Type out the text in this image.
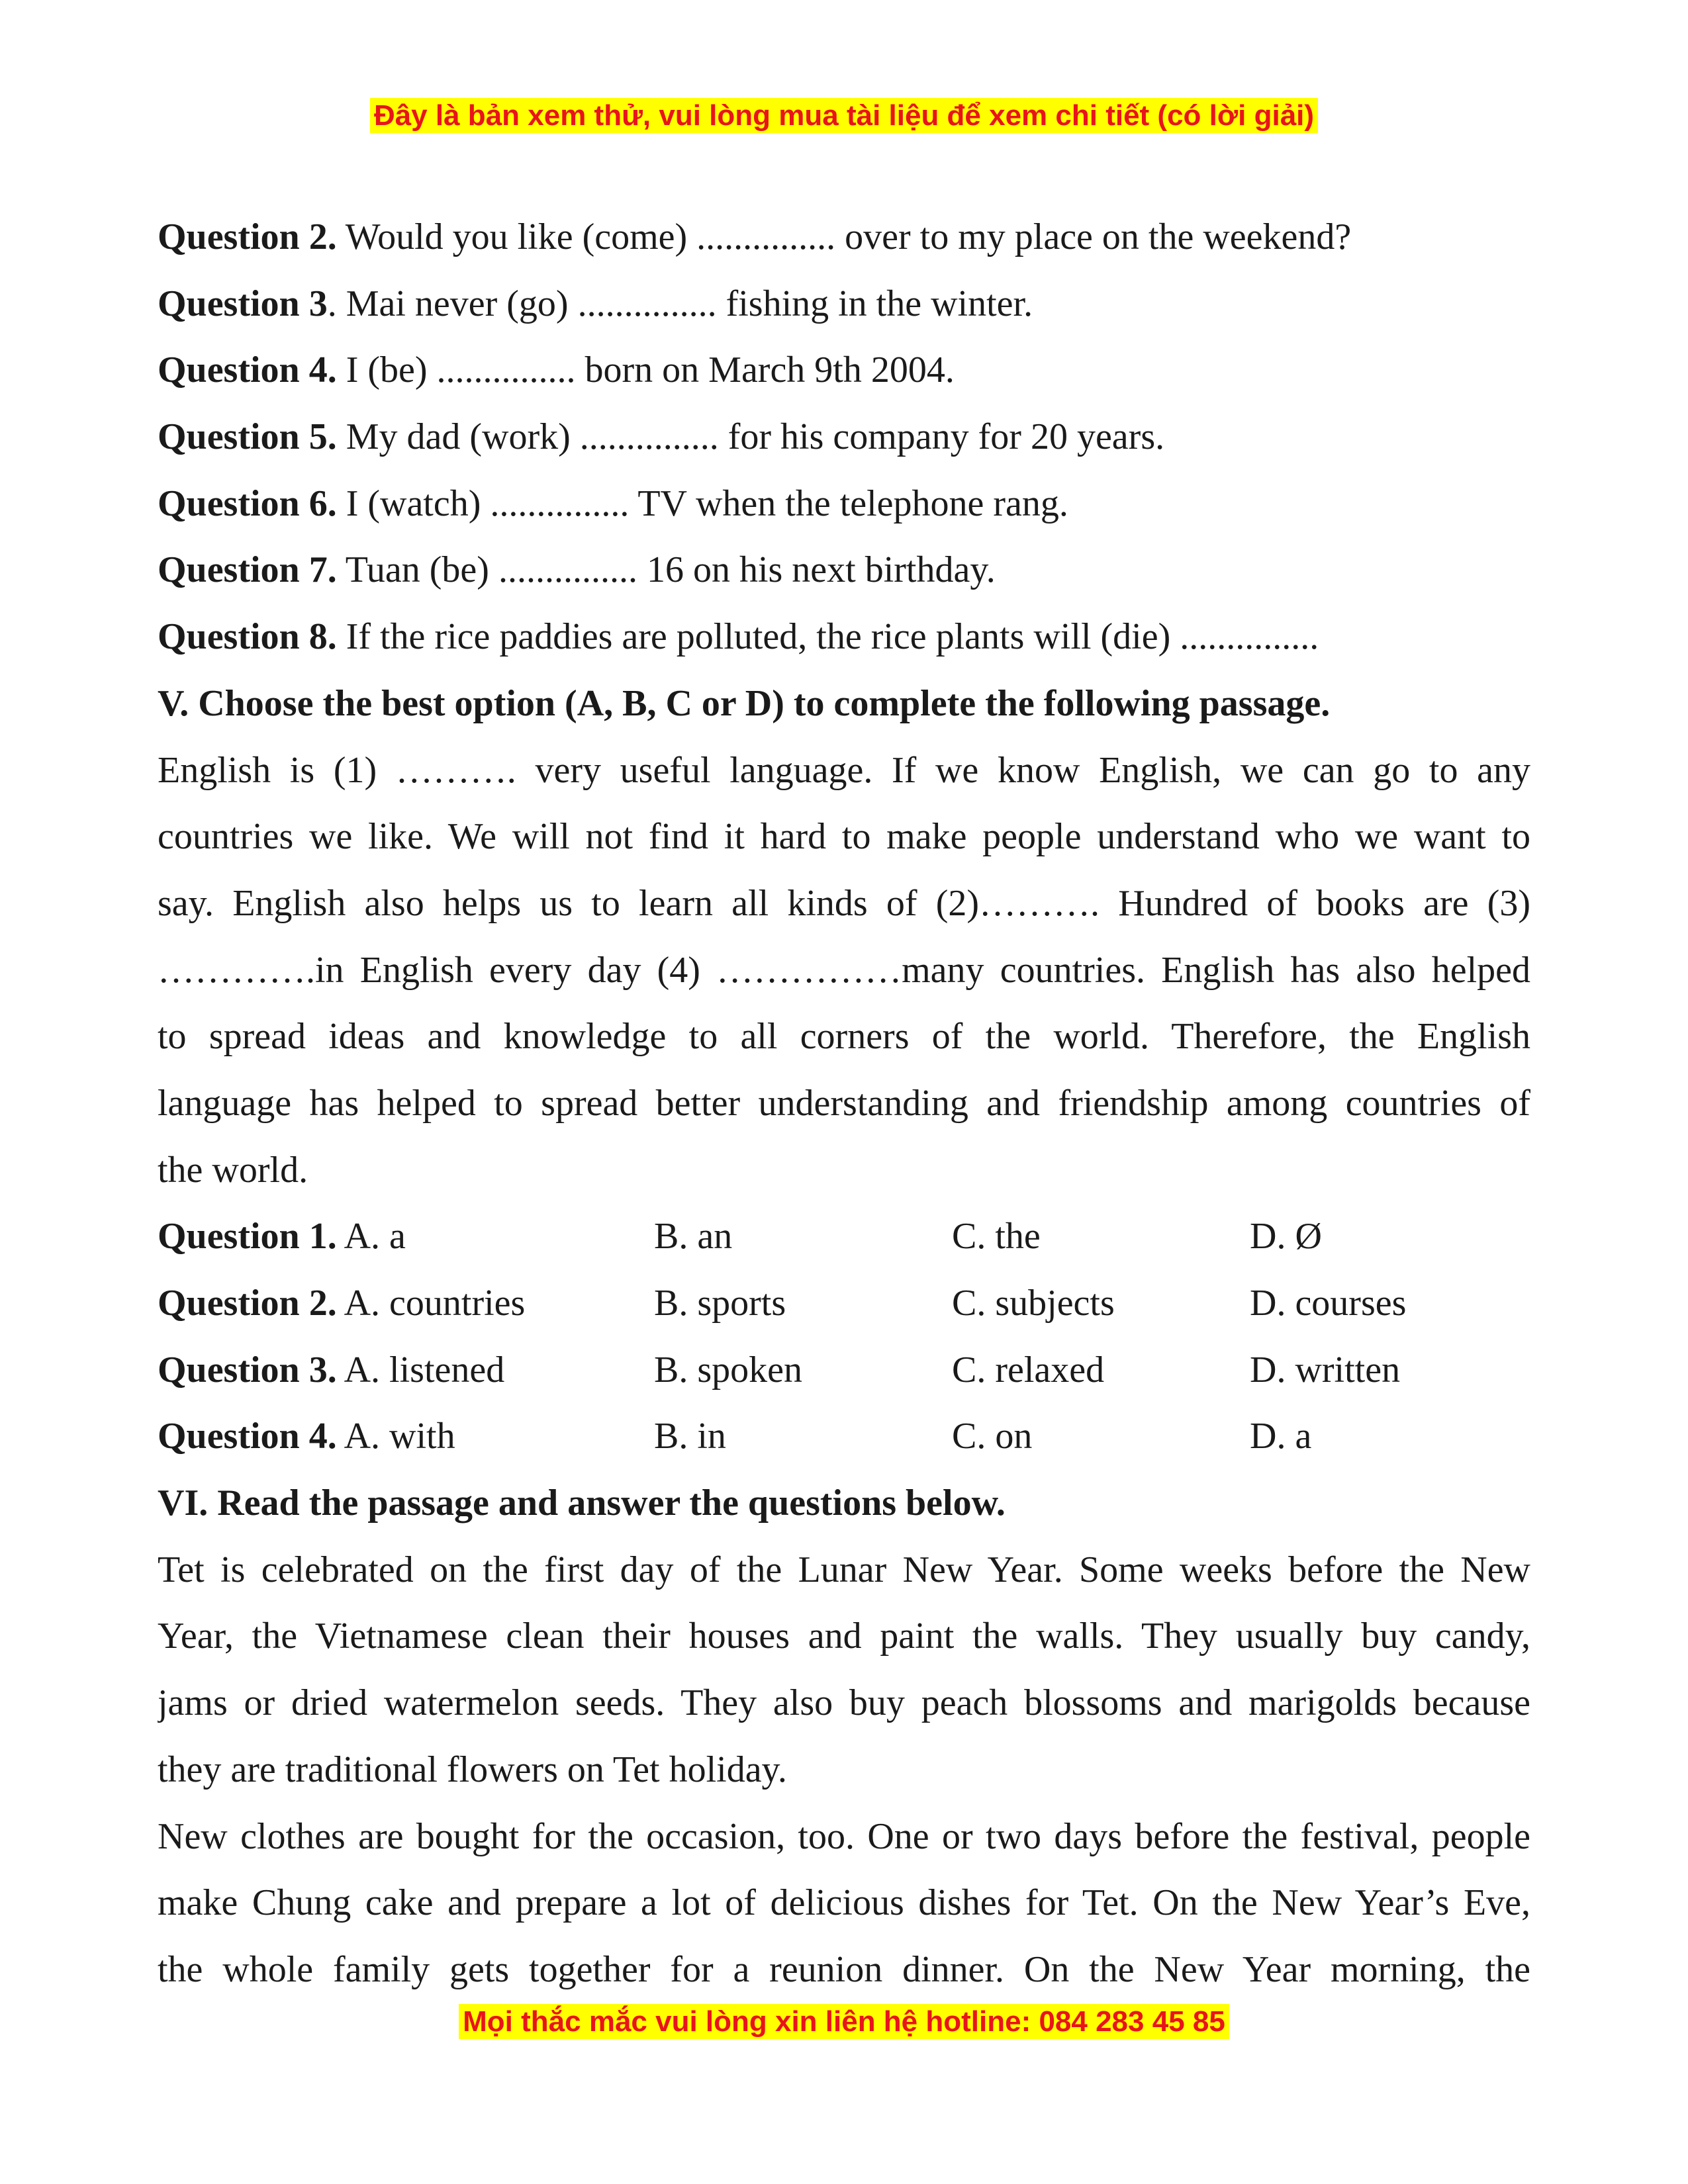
Đây là bản xem thử, vui lòng mua tài liệu để xem chi tiết (có lời giải)
Question 2. Would you like (come) ............... over to my place on the weekend?
Question 3. Mai never (go) ............... fishing in the winter.
Question 4. I (be) ............... born on March 9th 2004.
Question 5. My dad (work) ............... for his company for 20 years.
Question 6. I (watch) ............... TV when the telephone rang.
Question 7. Tuan (be) ............... 16 on his next birthday.
Question 8. If the rice paddies are polluted, the rice plants will (die) ...............
V. Choose the best option (A, B, C or D) to complete the following passage.
English is (1) ………. very useful language. If we know English, we can go to any
countries we like. We will not find it hard to make people understand who we want to
say. English also helps us to learn all kinds of (2)………. Hundred of books are (3)
………….in English every day (4) ……………many countries. English has also helped
to spread ideas and knowledge to all corners of the world. Therefore, the English
language has helped to spread better understanding and friendship among countries of
the world.
Question 1. A. a	B. an	C. the	D. Ø
Question 2. A. countries	B. sports	C. subjects	D. courses
Question 3. A. listened	B. spoken	C. relaxed	D. written
Question 4. A. with	B. in	C. on	D. a
VI. Read the passage and answer the questions below.
Tet is celebrated on the first day of the Lunar New Year. Some weeks before the New
Year, the Vietnamese clean their houses and paint the walls. They usually buy candy,
jams or dried watermelon seeds. They also buy peach blossoms and marigolds because
they are traditional flowers on Tet holiday.
New clothes are bought for the occasion, too. One or two days before the festival, people
make Chung cake and prepare a lot of delicious dishes for Tet. On the New Year’s Eve,
the whole family gets together for a reunion dinner. On the New Year morning, the
Mọi thắc mắc vui lòng xin liên hệ hotline: 084 283 45 85
